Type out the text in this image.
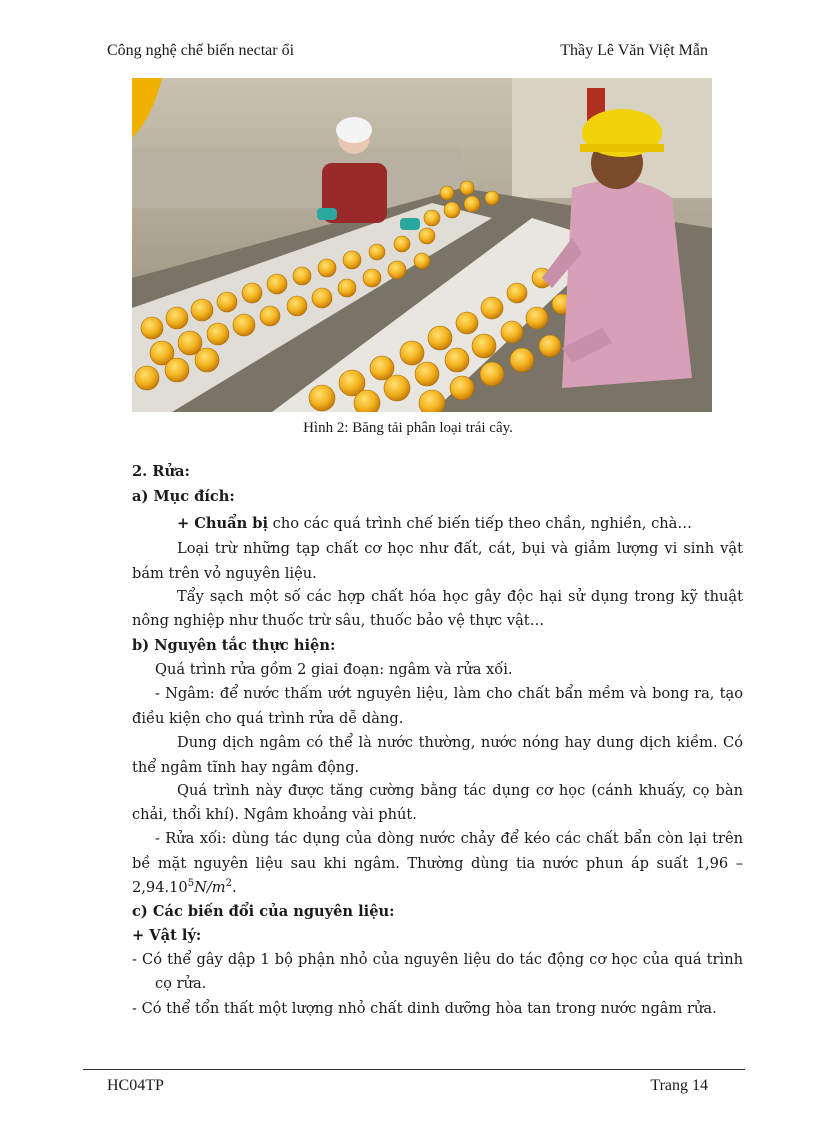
Công nghệ chế biến nectar ổi	Thầy Lê Văn Việt Mẫn
Hình 2: Băng tải phân loại trái cây.
2. Rửa:
a) Mục đích:
+ Chuẩn bị cho các quá trình chế biến tiếp theo chần, nghiền, chà…
Loại trừ những tạp chất cơ học như đất, cát, bụi và giảm lượng vi sinh vật
bám trên vỏ nguyên liệu.
Tẩy sạch một số các hợp chất hóa học gây độc hại sử dụng trong kỹ thuật
nông nghiệp như thuốc trừ sâu, thuốc bảo vệ thực vật…
b) Nguyên tắc thực hiện:
Quá trình rửa gồm 2 giai đoạn: ngâm và rửa xối.
- Ngâm: để nước thấm ướt nguyên liệu, làm cho chất bẩn mềm và bong ra, tạo
điều kiện cho quá trình rửa dễ dàng.
Dung dịch ngâm có thể là nước thường, nước nóng hay dung dịch kiềm. Có
thể ngâm tĩnh hay ngâm động.
Quá trình này được tăng cường bằng tác dụng cơ học (cánh khuấy, cọ bàn
chải, thổi khí). Ngâm khoảng vài phút.
- Rửa xối: dùng tác dụng của dòng nước chảy để kéo các chất bẩn còn lại trên
bề mặt nguyên liệu sau khi ngâm. Thường dùng tia nước phun áp suất 1,96 –
$2,94.10^5N/m^2$.
c) Các biến đổi của nguyên liệu:
+ Vật lý:
- Có thể gây dập 1 bộ phận nhỏ của nguyên liệu do tác động cơ học của quá trình
cọ rửa.
- Có thể tổn thất một lượng nhỏ chất dinh dưỡng hòa tan trong nước ngâm rửa.
HC04TP	Trang 14
